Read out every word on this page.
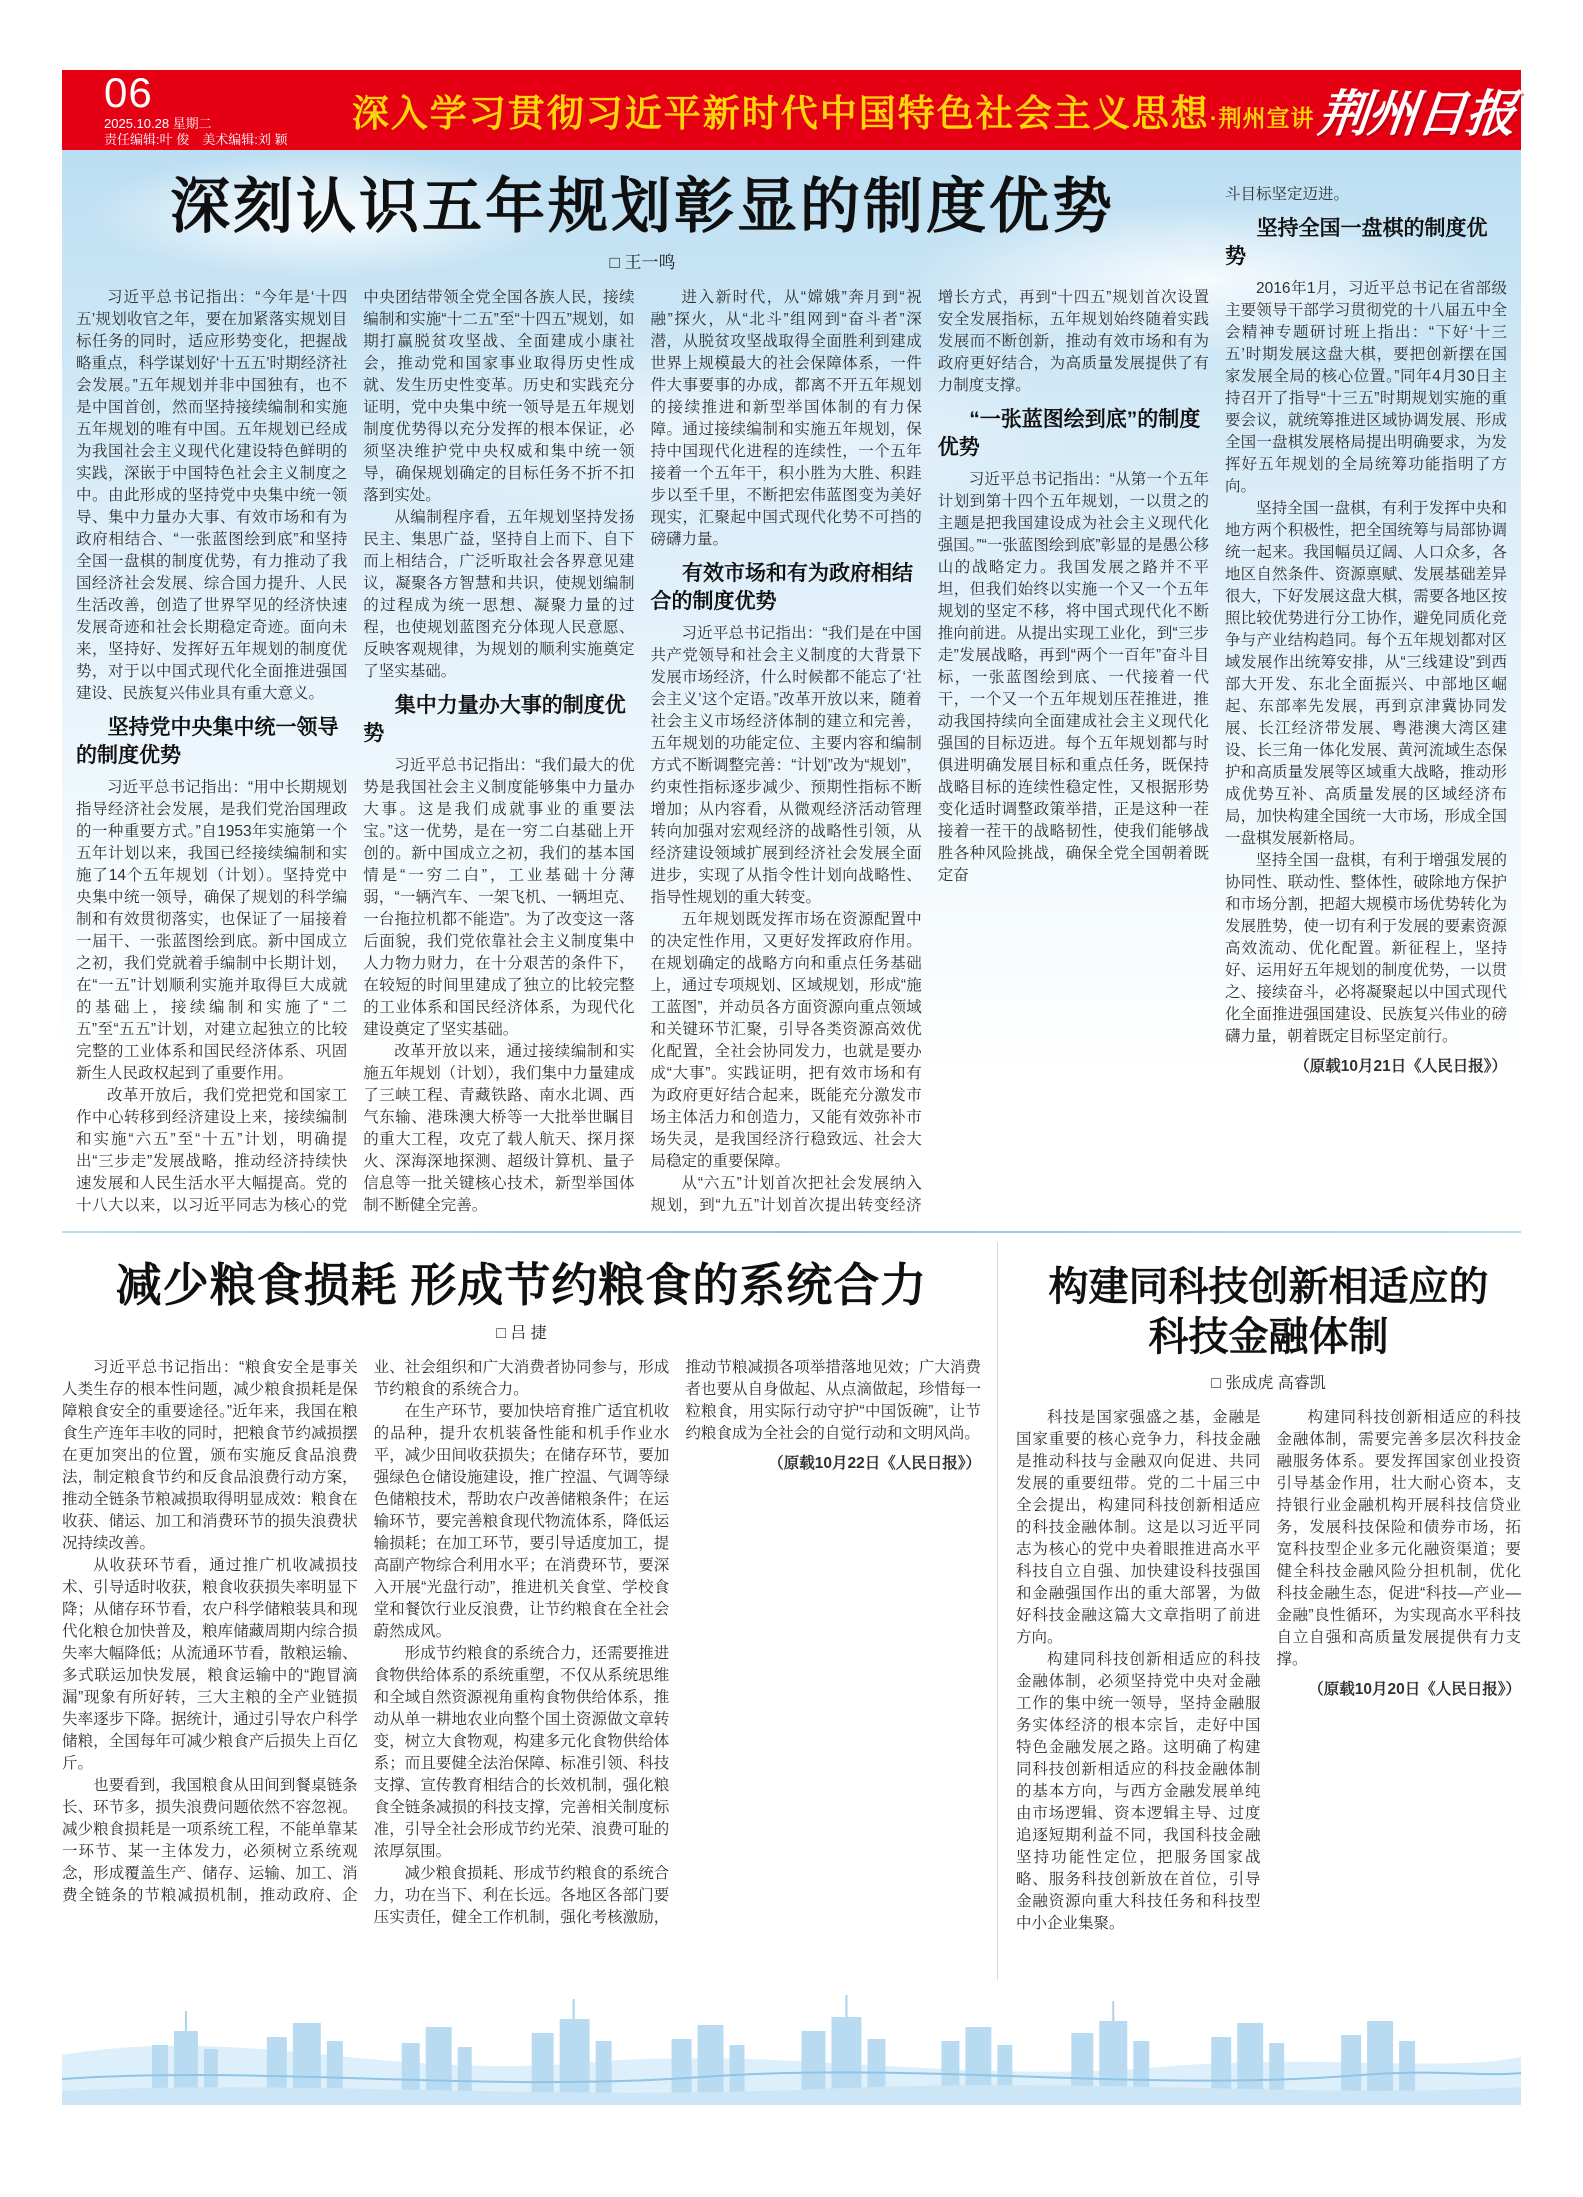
06
2025.10.28 星期二
责任编辑:叶 俊　美术编辑:刘 颖
深入学习贯彻习近平新时代中国特色社会主义思想·荆州宣讲 荆州日报
深刻认识五年规划彰显的制度优势
□ 王一鸣

习近平总书记指出：“今年是‘十四五’规划收官之年，要在加紧落实规划目标任务的同时，适应形势变化，把握战略重点，科学谋划好‘十五五’时期经济社会发展。”五年规划并非中国独有，也不是中国首创，然而坚持接续编制和实施五年规划的唯有中国。五年规划已经成为我国社会主义现代化建设特色鲜明的实践，深嵌于中国特色社会主义制度之中。由此形成的坚持党中央集中统一领导、集中力量办大事、有效市场和有为政府相结合、“一张蓝图绘到底”和坚持全国一盘棋的制度优势，有力推动了我国经济社会发展、综合国力提升、人民生活改善，创造了世界罕见的经济快速发展奇迹和社会长期稳定奇迹。面向未来，坚持好、发挥好五年规划的制度优势，对于以中国式现代化全面推进强国建设、民族复兴伟业具有重大意义。

坚持党中央集中统一领导的制度优势

习近平总书记指出：“用中长期规划指导经济社会发展，是我们党治国理政的一种重要方式。”自1953年实施第一个五年计划以来，我国已经接续编制和实施了14个五年规划（计划）。坚持党中央集中统一领导，确保了规划的科学编制和有效贯彻落实，也保证了一届接着一届干、一张蓝图绘到底。新中国成立之初，我们党就着手编制中长期计划，在“一五”计划顺利实施并取得巨大成就的基础上，接续编制和实施了“二五”至“五五”计划，对建立起独立的比较完整的工业体系和国民经济体系、巩固新生人民政权起到了重要作用。

改革开放后，我们党把党和国家工作中心转移到经济建设上来，接续编制和实施“六五”至“十五”计划，明确提出“三步走”发展战略，推动经济持续快速发展和人民生活水平大幅提高。党的十八大以来，以习近平同志为核心的党中央团结带领全党全国各族人民，接续编制和实施“十二五”至“十四五”规划，如期打赢脱贫攻坚战、全面建成小康社会，推动党和国家事业取得历史性成就、发生历史性变革。历史和实践充分证明，党中央集中统一领导是五年规划制度优势得以充分发挥的根本保证，必须坚决维护党中央权威和集中统一领导，确保规划确定的目标任务不折不扣落到实处。

从编制程序看，五年规划坚持发扬民主、集思广益，坚持自上而下、自下而上相结合，广泛听取社会各界意见建议，凝聚各方智慧和共识，使规划编制的过程成为统一思想、凝聚力量的过程，也使规划蓝图充分体现人民意愿、反映客观规律，为规划的顺利实施奠定了坚实基础。

集中力量办大事的制度优势

习近平总书记指出：“我们最大的优势是我国社会主义制度能够集中力量办大事。这是我们成就事业的重要法宝。”这一优势，是在一穷二白基础上开创的。新中国成立之初，我们的基本国情是“一穷二白”，工业基础十分薄弱，“一辆汽车、一架飞机、一辆坦克、一台拖拉机都不能造”。为了改变这一落后面貌，我们党依靠社会主义制度集中人力物力财力，在十分艰苦的条件下，在较短的时间里建成了独立的比较完整的工业体系和国民经济体系，为现代化建设奠定了坚实基础。

改革开放以来，通过接续编制和实施五年规划（计划），我们集中力量建成了三峡工程、青藏铁路、南水北调、西气东输、港珠澳大桥等一大批举世瞩目的重大工程，攻克了载人航天、探月探火、深海深地探测、超级计算机、量子信息等一批关键核心技术，新型举国体制不断健全完善。

进入新时代，从“嫦娥”奔月到“祝融”探火，从“北斗”组网到“奋斗者”深潜，从脱贫攻坚战取得全面胜利到建成世界上规模最大的社会保障体系，一件件大事要事的办成，都离不开五年规划的接续推进和新型举国体制的有力保障。通过接续编制和实施五年规划，保持中国现代化进程的连续性，一个五年接着一个五年干，积小胜为大胜、积跬步以至千里，不断把宏伟蓝图变为美好现实，汇聚起中国式现代化势不可挡的磅礴力量。

有效市场和有为政府相结合的制度优势

习近平总书记指出：“我们是在中国共产党领导和社会主义制度的大背景下发展市场经济，什么时候都不能忘了‘社会主义’这个定语。”改革开放以来，随着社会主义市场经济体制的建立和完善，五年规划的功能定位、主要内容和编制方式不断调整完善：“计划”改为“规划”，约束性指标逐步减少、预期性指标不断增加；从内容看，从微观经济活动管理转向加强对宏观经济的战略性引领，从经济建设领域扩展到经济社会发展全面进步，实现了从指令性计划向战略性、指导性规划的重大转变。

五年规划既发挥市场在资源配置中的决定性作用，又更好发挥政府作用。在规划确定的战略方向和重点任务基础上，通过专项规划、区域规划，形成“施工蓝图”，并动员各方面资源向重点领域和关键环节汇聚，引导各类资源高效优化配置，全社会协同发力，也就是要办成“大事”。实践证明，把有效市场和有为政府更好结合起来，既能充分激发市场主体活力和创造力，又能有效弥补市场失灵，是我国经济行稳致远、社会大局稳定的重要保障。

从“六五”计划首次把社会发展纳入规划，到“九五”计划首次提出转变经济增长方式，再到“十四五”规划首次设置安全发展指标，五年规划始终随着实践发展而不断创新，推动有效市场和有为政府更好结合，为高质量发展提供了有力制度支撑。

“一张蓝图绘到底”的制度优势

习近平总书记指出：“从第一个五年计划到第十四个五年规划，一以贯之的主题是把我国建设成为社会主义现代化强国。”“一张蓝图绘到底”彰显的是愚公移山的战略定力。我国发展之路并不平坦，但我们始终以实施一个又一个五年规划的坚定不移，将中国式现代化不断推向前进。从提出实现工业化，到“三步走”发展战略，再到“两个一百年”奋斗目标，一张蓝图绘到底、一代接着一代干，一个又一个五年规划压茬推进，推动我国持续向全面建成社会主义现代化强国的目标迈进。每个五年规划都与时俱进明确发展目标和重点任务，既保持战略目标的连续性稳定性，又根据形势变化适时调整政策举措，正是这种一茬接着一茬干的战略韧性，使我们能够战胜各种风险挑战，确保全党全国朝着既定奋

斗目标坚定迈进。

坚持全国一盘棋的制度优势

2016年1月，习近平总书记在省部级主要领导干部学习贯彻党的十八届五中全会精神专题研讨班上指出：“下好‘十三五’时期发展这盘大棋，要把创新摆在国家发展全局的核心位置。”同年4月30日主持召开了指导“十三五”时期规划实施的重要会议，就统筹推进区域协调发展、形成全国一盘棋发展格局提出明确要求，为发挥好五年规划的全局统筹功能指明了方向。

坚持全国一盘棋，有利于发挥中央和地方两个积极性，把全国统筹与局部协调统一起来。我国幅员辽阔、人口众多，各地区自然条件、资源禀赋、发展基础差异很大，下好发展这盘大棋，需要各地区按照比较优势进行分工协作，避免同质化竞争与产业结构趋同。每个五年规划都对区域发展作出统筹安排，从“三线建设”到西部大开发、东北全面振兴、中部地区崛起、东部率先发展，再到京津冀协同发展、长江经济带发展、粤港澳大湾区建设、长三角一体化发展、黄河流域生态保护和高质量发展等区域重大战略，推动形成优势互补、高质量发展的区域经济布局，加快构建全国统一大市场，形成全国一盘棋发展新格局。

坚持全国一盘棋，有利于增强发展的协同性、联动性、整体性，破除地方保护和市场分割，把超大规模市场优势转化为发展胜势，使一切有利于发展的要素资源高效流动、优化配置。新征程上，坚持好、运用好五年规划的制度优势，一以贯之、接续奋斗，必将凝聚起以中国式现代化全面推进强国建设、民族复兴伟业的磅礴力量，朝着既定目标坚定前行。

（原载10月21日《人民日报》）
减少粮食损耗 形成节约粮食的系统合力
□ 吕 捷

习近平总书记指出：“粮食安全是事关人类生存的根本性问题，减少粮食损耗是保障粮食安全的重要途径。”近年来，我国在粮食生产连年丰收的同时，把粮食节约减损摆在更加突出的位置，颁布实施反食品浪费法，制定粮食节约和反食品浪费行动方案，推动全链条节粮减损取得明显成效：粮食在收获、储运、加工和消费环节的损失浪费状况持续改善。

从收获环节看，通过推广机收减损技术、引导适时收获，粮食收获损失率明显下降；从储存环节看，农户科学储粮装具和现代化粮仓加快普及，粮库储藏周期内综合损失率大幅降低；从流通环节看，散粮运输、多式联运加快发展，粮食运输中的“跑冒滴漏”现象有所好转，三大主粮的全产业链损失率逐步下降。据统计，通过引导农户科学储粮，全国每年可减少粮食产后损失上百亿斤。

也要看到，我国粮食从田间到餐桌链条长、环节多，损失浪费问题依然不容忽视。减少粮食损耗是一项系统工程，不能单靠某一环节、某一主体发力，必须树立系统观念，形成覆盖生产、储存、运输、加工、消费全链条的节粮减损机制，推动政府、企业、社会组织和广大消费者协同参与，形成节约粮食的系统合力。

在生产环节，要加快培育推广适宜机收的品种，提升农机装备性能和机手作业水平，减少田间收获损失；在储存环节，要加强绿色仓储设施建设，推广控温、气调等绿色储粮技术，帮助农户改善储粮条件；在运输环节，要完善粮食现代物流体系，降低运输损耗；在加工环节，要引导适度加工，提高副产物综合利用水平；在消费环节，要深入开展“光盘行动”，推进机关食堂、学校食堂和餐饮行业反浪费，让节约粮食在全社会蔚然成风。

形成节约粮食的系统合力，还需要推进食物供给体系的系统重塑，不仅从系统思维和全域自然资源视角重构食物供给体系，推动从单一耕地农业向整个国土资源做文章转变，树立大食物观，构建多元化食物供给体系；而且要健全法治保障、标准引领、科技支撑、宣传教育相结合的长效机制，强化粮食全链条减损的科技支撑，完善相关制度标准，引导全社会形成节约光荣、浪费可耻的浓厚氛围。

减少粮食损耗、形成节约粮食的系统合力，功在当下、利在长远。各地区各部门要压实责任，健全工作机制，强化考核激励，推动节粮减损各项举措落地见效；广大消费者也要从自身做起、从点滴做起，珍惜每一粒粮食，用实际行动守护“中国饭碗”，让节约粮食成为全社会的自觉行动和文明风尚。

（原载10月22日《人民日报》）
构建同科技创新相适应的
科技金融体制
□ 张成虎 高睿凯

科技是国家强盛之基，金融是国家重要的核心竞争力，科技金融是推动科技与金融双向促进、共同发展的重要纽带。党的二十届三中全会提出，构建同科技创新相适应的科技金融体制。这是以习近平同志为核心的党中央着眼推进高水平科技自立自强、加快建设科技强国和金融强国作出的重大部署，为做好科技金融这篇大文章指明了前进方向。

构建同科技创新相适应的科技金融体制，必须坚持党中央对金融工作的集中统一领导，坚持金融服务实体经济的根本宗旨，走好中国特色金融发展之路。这明确了构建同科技创新相适应的科技金融体制的基本方向，与西方金融发展单纯由市场逻辑、资本逻辑主导、过度追逐短期利益不同，我国科技金融坚持功能性定位，把服务国家战略、服务科技创新放在首位，引导金融资源向重大科技任务和科技型中小企业集聚。

构建同科技创新相适应的科技金融体制，需要完善多层次科技金融服务体系。要发挥国家创业投资引导基金作用，壮大耐心资本，支持银行业金融机构开展科技信贷业务，发展科技保险和债券市场，拓宽科技型企业多元化融资渠道；要健全科技金融风险分担机制，优化科技金融生态，促进“科技—产业—金融”良性循环，为实现高水平科技自立自强和高质量发展提供有力支撑。

（原载10月20日《人民日报》）
